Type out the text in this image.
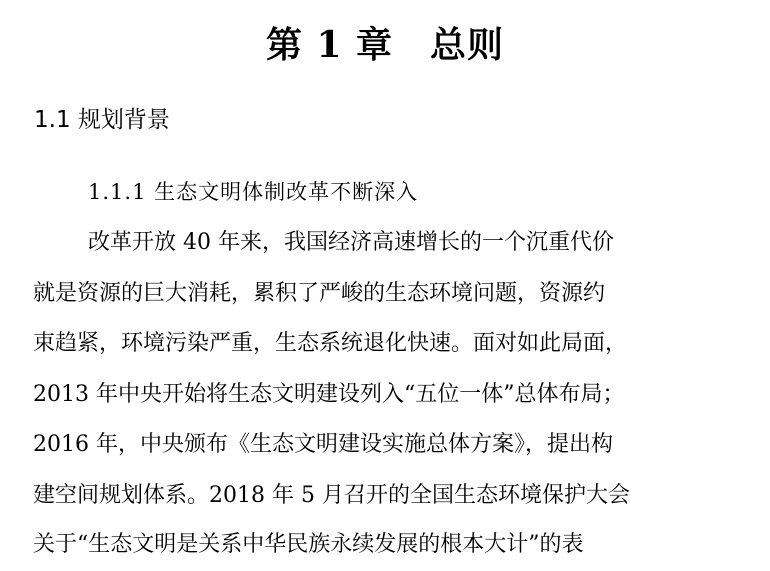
第 1 章　总则
1.1 规划背景
1.1.1 生态文明体制改革不断深入
改革开放 40 年来，我国经济高速增长的一个沉重代价
就是资源的巨大消耗，累积了严峻的生态环境问题，资源约
束趋紧，环境污染严重，生态系统退化快速。面对如此局面，
2013 年中央开始将生态文明建设列入“五位一体”总体布局；
2016 年，中央颁布《生态文明建设实施总体方案》，提出构
建空间规划体系。2018 年 5 月召开的全国生态环境保护大会
关于“生态文明是关系中华民族永续发展的根本大计”的表
